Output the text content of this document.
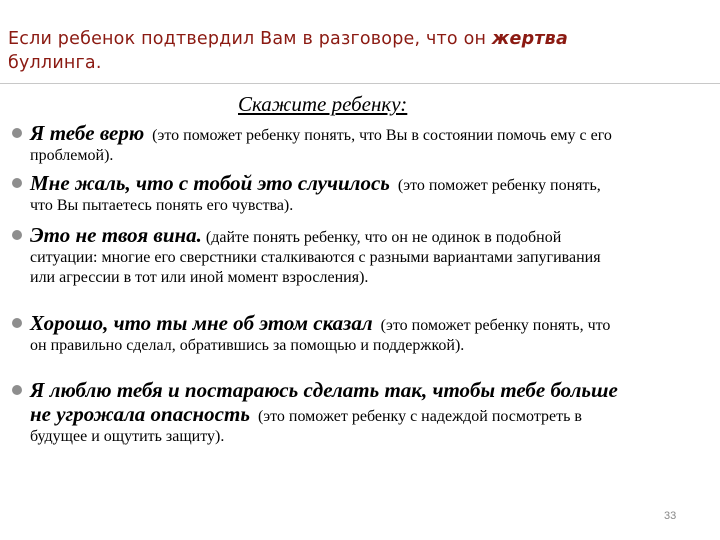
Если ребенок подтвердил Вам в разговоре, что он жертва
буллинга.
Скажите ребенку:
Я тебе верю (это поможет ребенку понять, что Вы в состоянии помочь ему с его проблемой).
Мне жаль, что с тобой это случилось (это поможет ребенку понять, что Вы пытаетесь понять его чувства).
Это не твоя вина. (дайте понять ребенку, что он не одинок в подобной ситуации: многие его сверстники сталкиваются с разными вариантами запугивания или агрессии в тот или иной момент взросления).
Хорошо, что ты мне об этом сказал (это поможет ребенку понять, что он правильно сделал, обратившись за помощью и поддержкой).
Я люблю тебя и постараюсь сделать так, чтобы тебе больше не угрожала опасность (это поможет ребенку с надеждой посмотреть в будущее и ощутить защиту).
33
